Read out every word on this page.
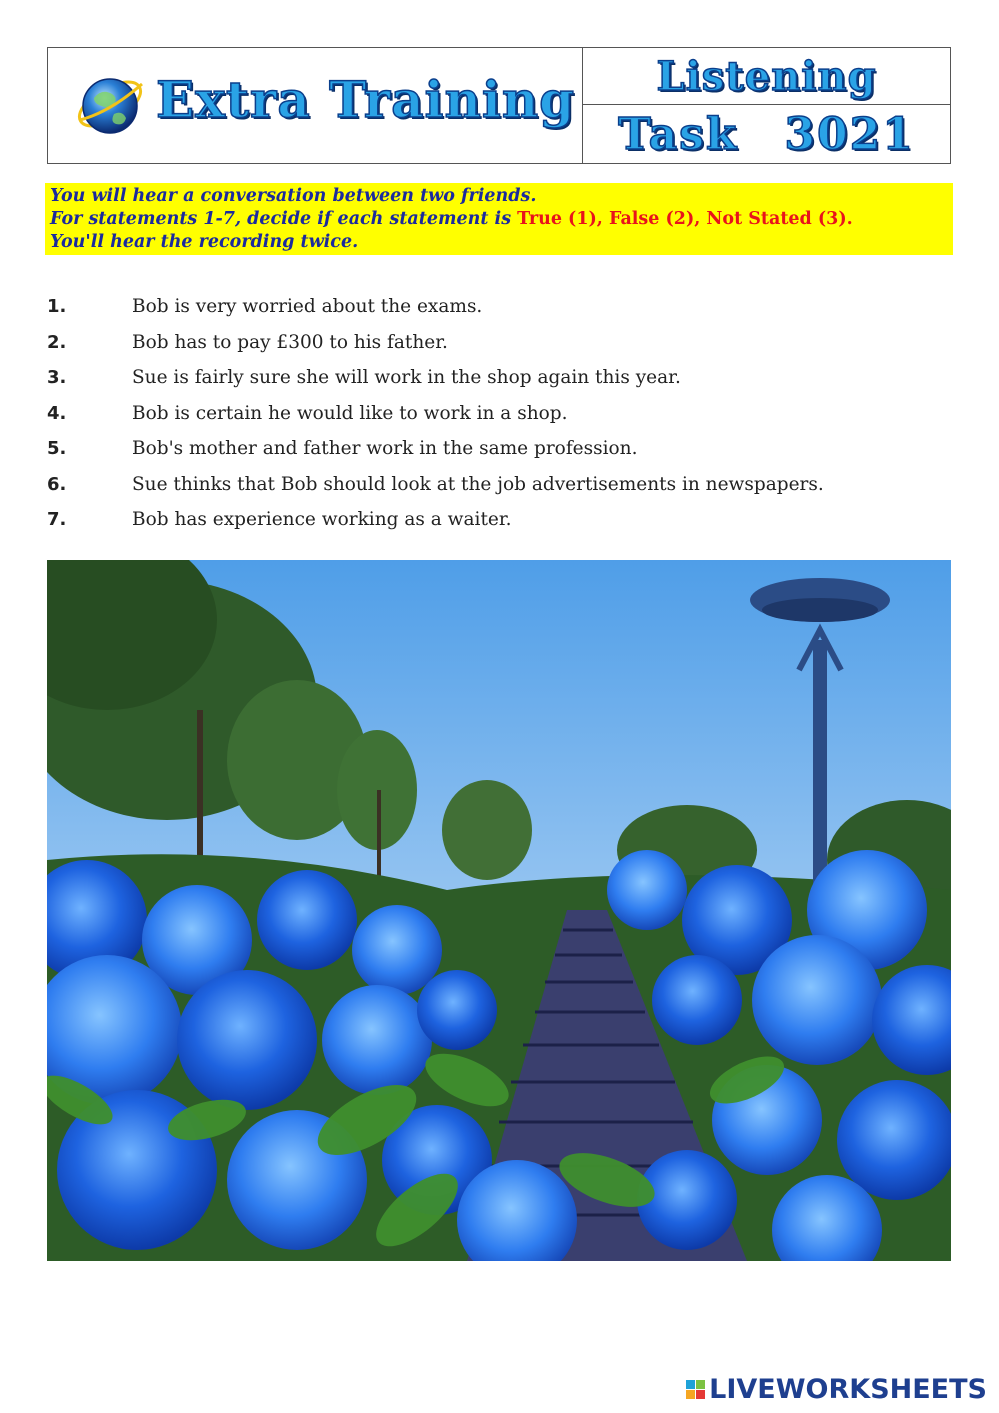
Extra Training Listening
Task 3021
You will hear a conversation between two friends.
For statements 1-7, decide if each statement is True (1), False (2), Not Stated (3).
You'll hear the recording twice.
1.	Bob is very worried about the exams.
2.	Bob has to pay £300 to his father.
3.	Sue is fairly sure she will work in the shop again this year.
4.	Bob is certain he would like to work in a shop.
5.	Bob's mother and father work in the same profession.
6.	Sue thinks that Bob should look at the job advertisements in newspapers.
7.	Bob has experience working as a waiter.
LIVEWORKSHEETS
